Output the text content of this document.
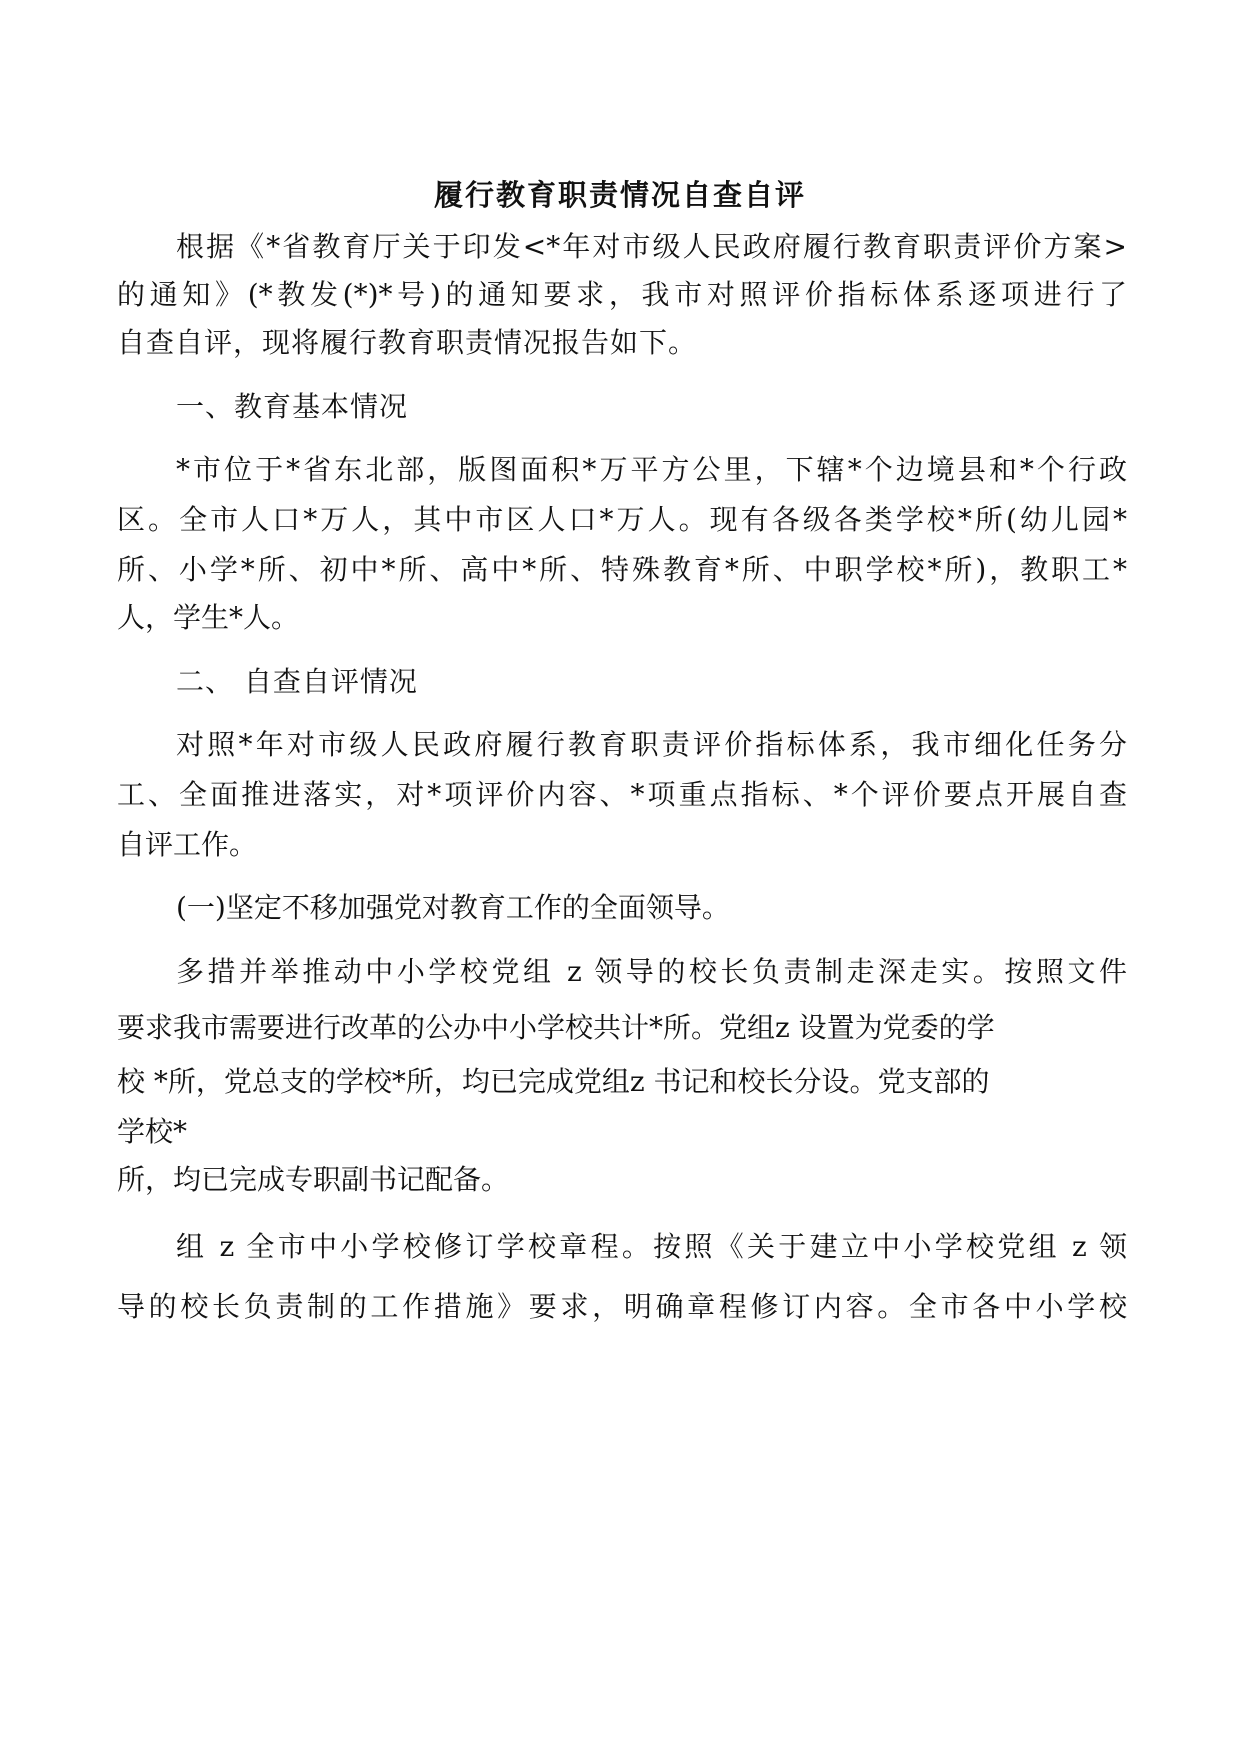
履行教育职责情况自查自评
根据《*省教育厅关于印发<*年对市级人民政府履行教育职责评价方案>
的通知》(*教发(*)*号)的通知要求，我市对照评价指标体系逐项进行了
自查自评，现将履行教育职责情况报告如下。
一、教育基本情况
*市位于*省东北部，版图面积*万平方公里，下辖*个边境县和*个行政
区。全市人口*万人，其中市区人口*万人。现有各级各类学校*所(幼儿园*
所、小学*所、初中*所、高中*所、特殊教育*所、中职学校*所)，教职工*
人，学生*人。
二、 自查自评情况
对照*年对市级人民政府履行教育职责评价指标体系，我市细化任务分
工、全面推进落实，对*项评价内容、*项重点指标、*个评价要点开展自查
自评工作。
(一)坚定不移加强党对教育工作的全面领导。
多措并举推动中小学校党组 z 领导的校长负责制走深走实。按照文件
要求我市需要进行改革的公办中小学校共计*所。党组z 设置为党委的学
校 *所，党总支的学校*所，均已完成党组z 书记和校长分设。党支部的
学校*
所，均已完成专职副书记配备。
组 z 全市中小学校修订学校章程。按照《关于建立中小学校党组 z 领
导的校长负责制的工作措施》要求，明确章程修订内容。全市各中小学校
